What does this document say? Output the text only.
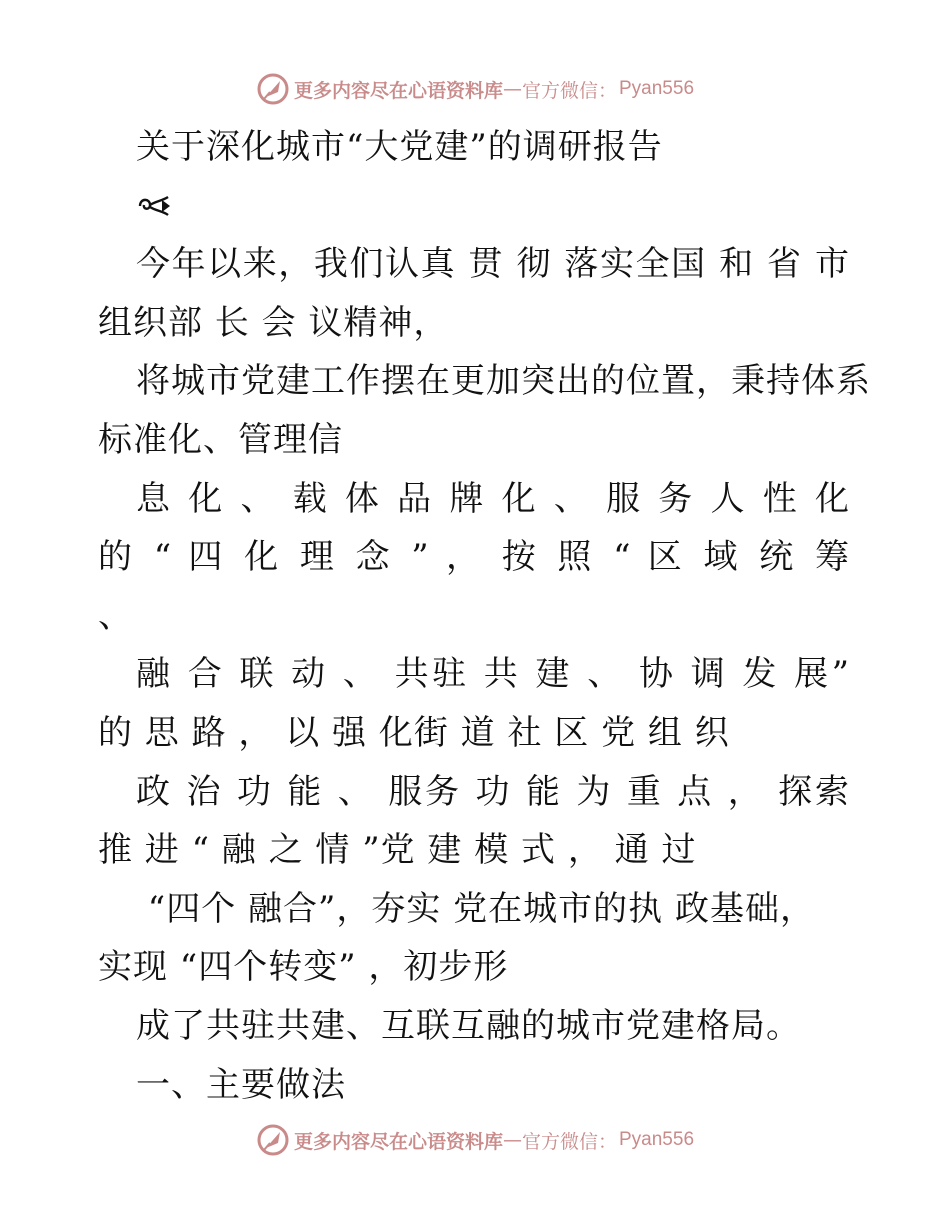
更多内容尽在心语资料库 — 官方微信： Pyan556

关于深化城市“大党建”的调研报告

今年以来，我们认真 贯 彻 落实全国 和 省 市

组织部 长 会 议精神，

将城市党建工作摆在更加突出的位置，秉持体系

标准化、管理信

息 化 、 载 体 品 牌 化 、 服 务 人 性 化

的 “ 四 化 理 念 ” ， 按 照 “ 区 域 统 筹

、

融 合 联 动 、 共驻 共 建 、 协 调 发 展”

的 思 路 ， 以 强 化街 道 社 区 党 组 织

政 治 功 能 、 服务 功 能 为 重 点 ， 探索

推 进 “ 融 之 情 ”党 建 模 式 ， 通 过

“四个 融合”，夯实 党在城市的执 政基础，

实现 “四个转变” ，初步形

成了共驻共建、互联互融的城市党建格局。

一、主要做法

更多内容尽在心语资料库 — 官方微信： Pyan556
